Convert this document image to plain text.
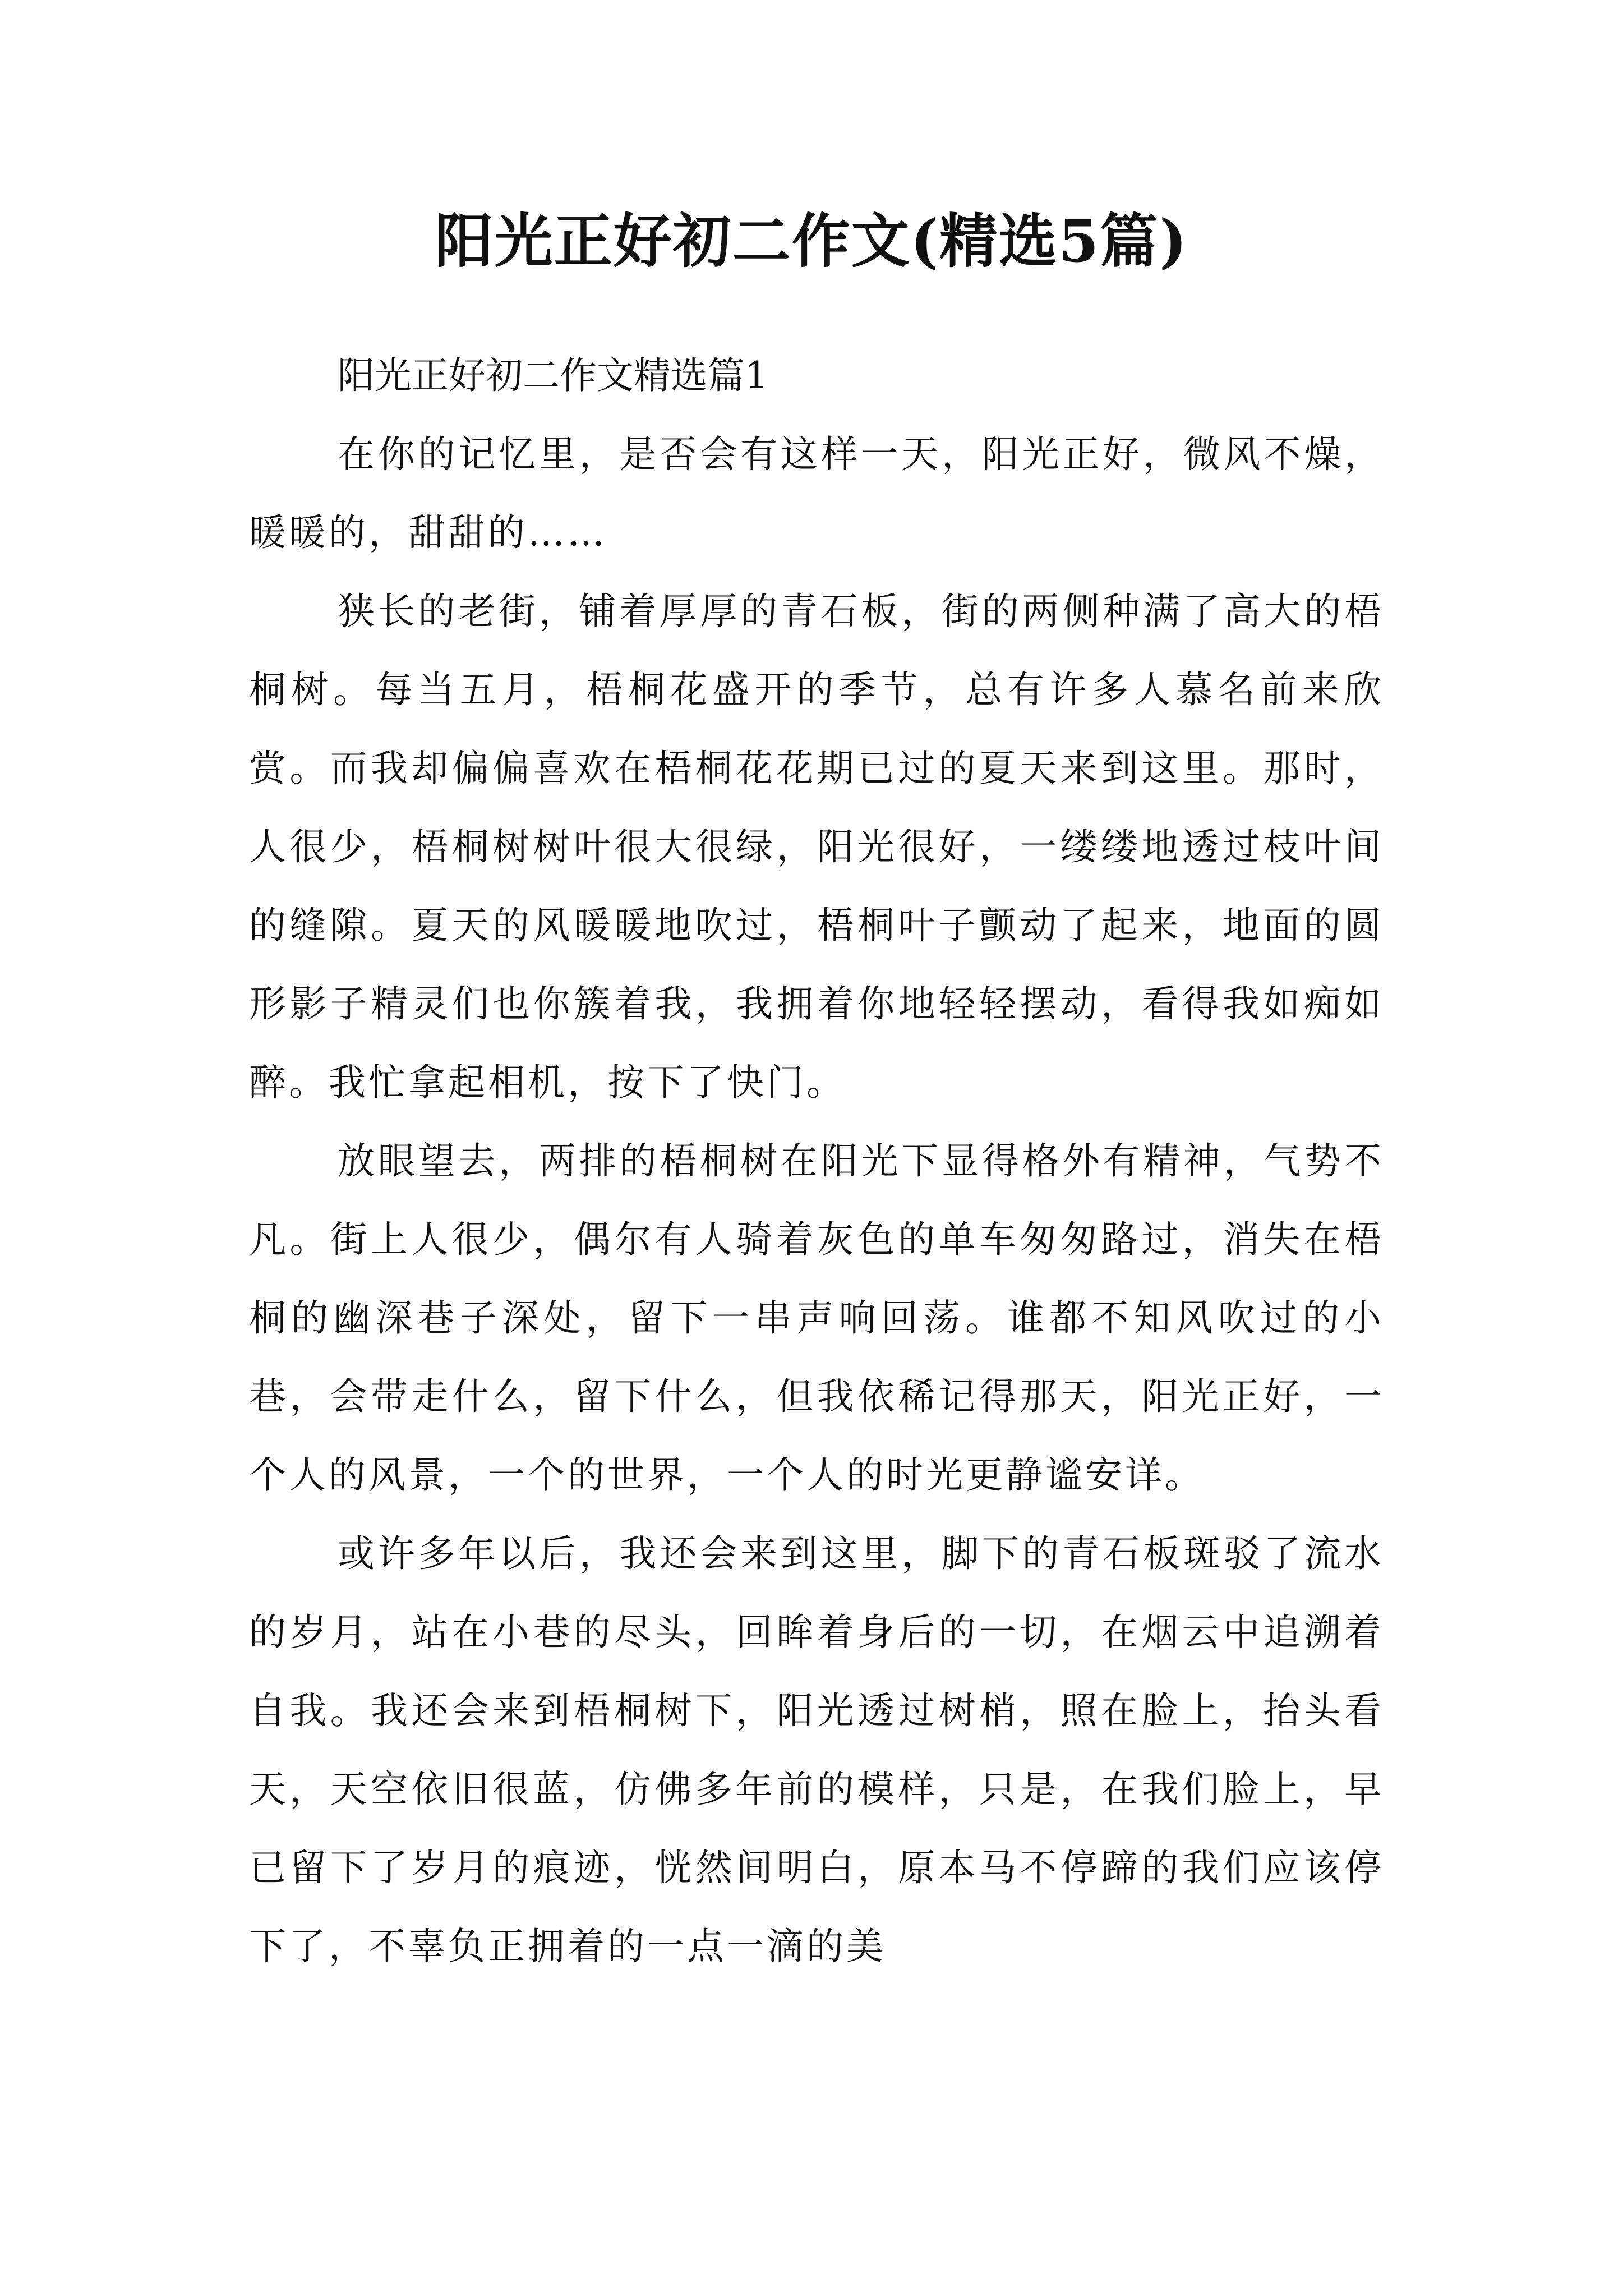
阳光正好初二作文(精选5篇)

阳光正好初二作文精选篇1

在你的记忆里，是否会有这样一天，阳光正好，微风不燥，暖暖的，甜甜的……

狭长的老街，铺着厚厚的青石板，街的两侧种满了高大的梧桐树。每当五月，梧桐花盛开的季节，总有许多人慕名前来欣赏。而我却偏偏喜欢在梧桐花花期已过的夏天来到这里。那时，人很少，梧桐树树叶很大很绿，阳光很好，一缕缕地透过枝叶间的缝隙。夏天的风暖暖地吹过，梧桐叶子颤动了起来，地面的圆形影子精灵们也你簇着我，我拥着你地轻轻摆动，看得我如痴如醉。我忙拿起相机，按下了快门。

放眼望去，两排的梧桐树在阳光下显得格外有精神，气势不凡。街上人很少，偶尔有人骑着灰色的单车匆匆路过，消失在梧桐的幽深巷子深处，留下一串声响回荡。谁都不知风吹过的小巷，会带走什么，留下什么，但我依稀记得那天，阳光正好，一个人的风景，一个的世界，一个人的时光更静谧安详。

或许多年以后，我还会来到这里，脚下的青石板斑驳了流水的岁月，站在小巷的尽头，回眸着身后的一切，在烟云中追溯着自我。我还会来到梧桐树下，阳光透过树梢，照在脸上，抬头看天，天空依旧很蓝，仿佛多年前的模样，只是，在我们脸上，早已留下了岁月的痕迹，恍然间明白，原本马不停蹄的我们应该停下了，不辜负正拥着的一点一滴的美
